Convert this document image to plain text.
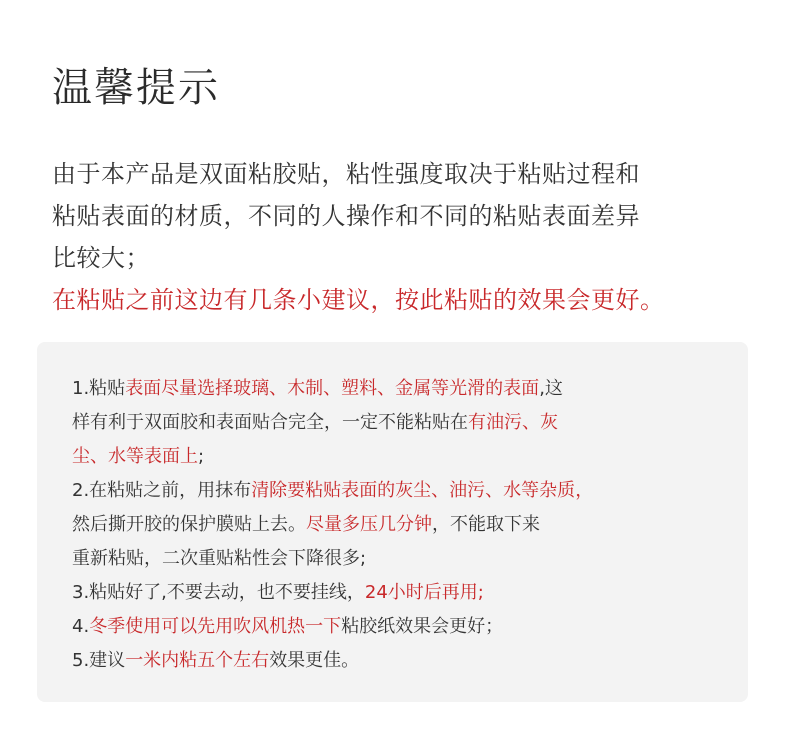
温馨提示
由于本产品是双面粘胶贴，粘性强度取决于粘贴过程和
粘贴表面的材质，不同的人操作和不同的粘贴表面差异
比较大；
在粘贴之前这边有几条小建议，按此粘贴的效果会更好。
1.粘贴表面尽量选择玻璃、木制、塑料、金属等光滑的表面,这
样有利于双面胶和表面贴合完全，一定不能粘贴在有油污、灰
尘、水等表面上;
2.在粘贴之前，用抹布清除要粘贴表面的灰尘、油污、水等杂质，
然后撕开胶的保护膜贴上去。尽量多压几分钟，不能取下来
重新粘贴，二次重贴粘性会下降很多;
3.粘贴好了,不要去动，也不要挂线，24小时后再用;
4.冬季使用可以先用吹风机热一下粘胶纸效果会更好；
5.建议一米内粘五个左右效果更佳。
